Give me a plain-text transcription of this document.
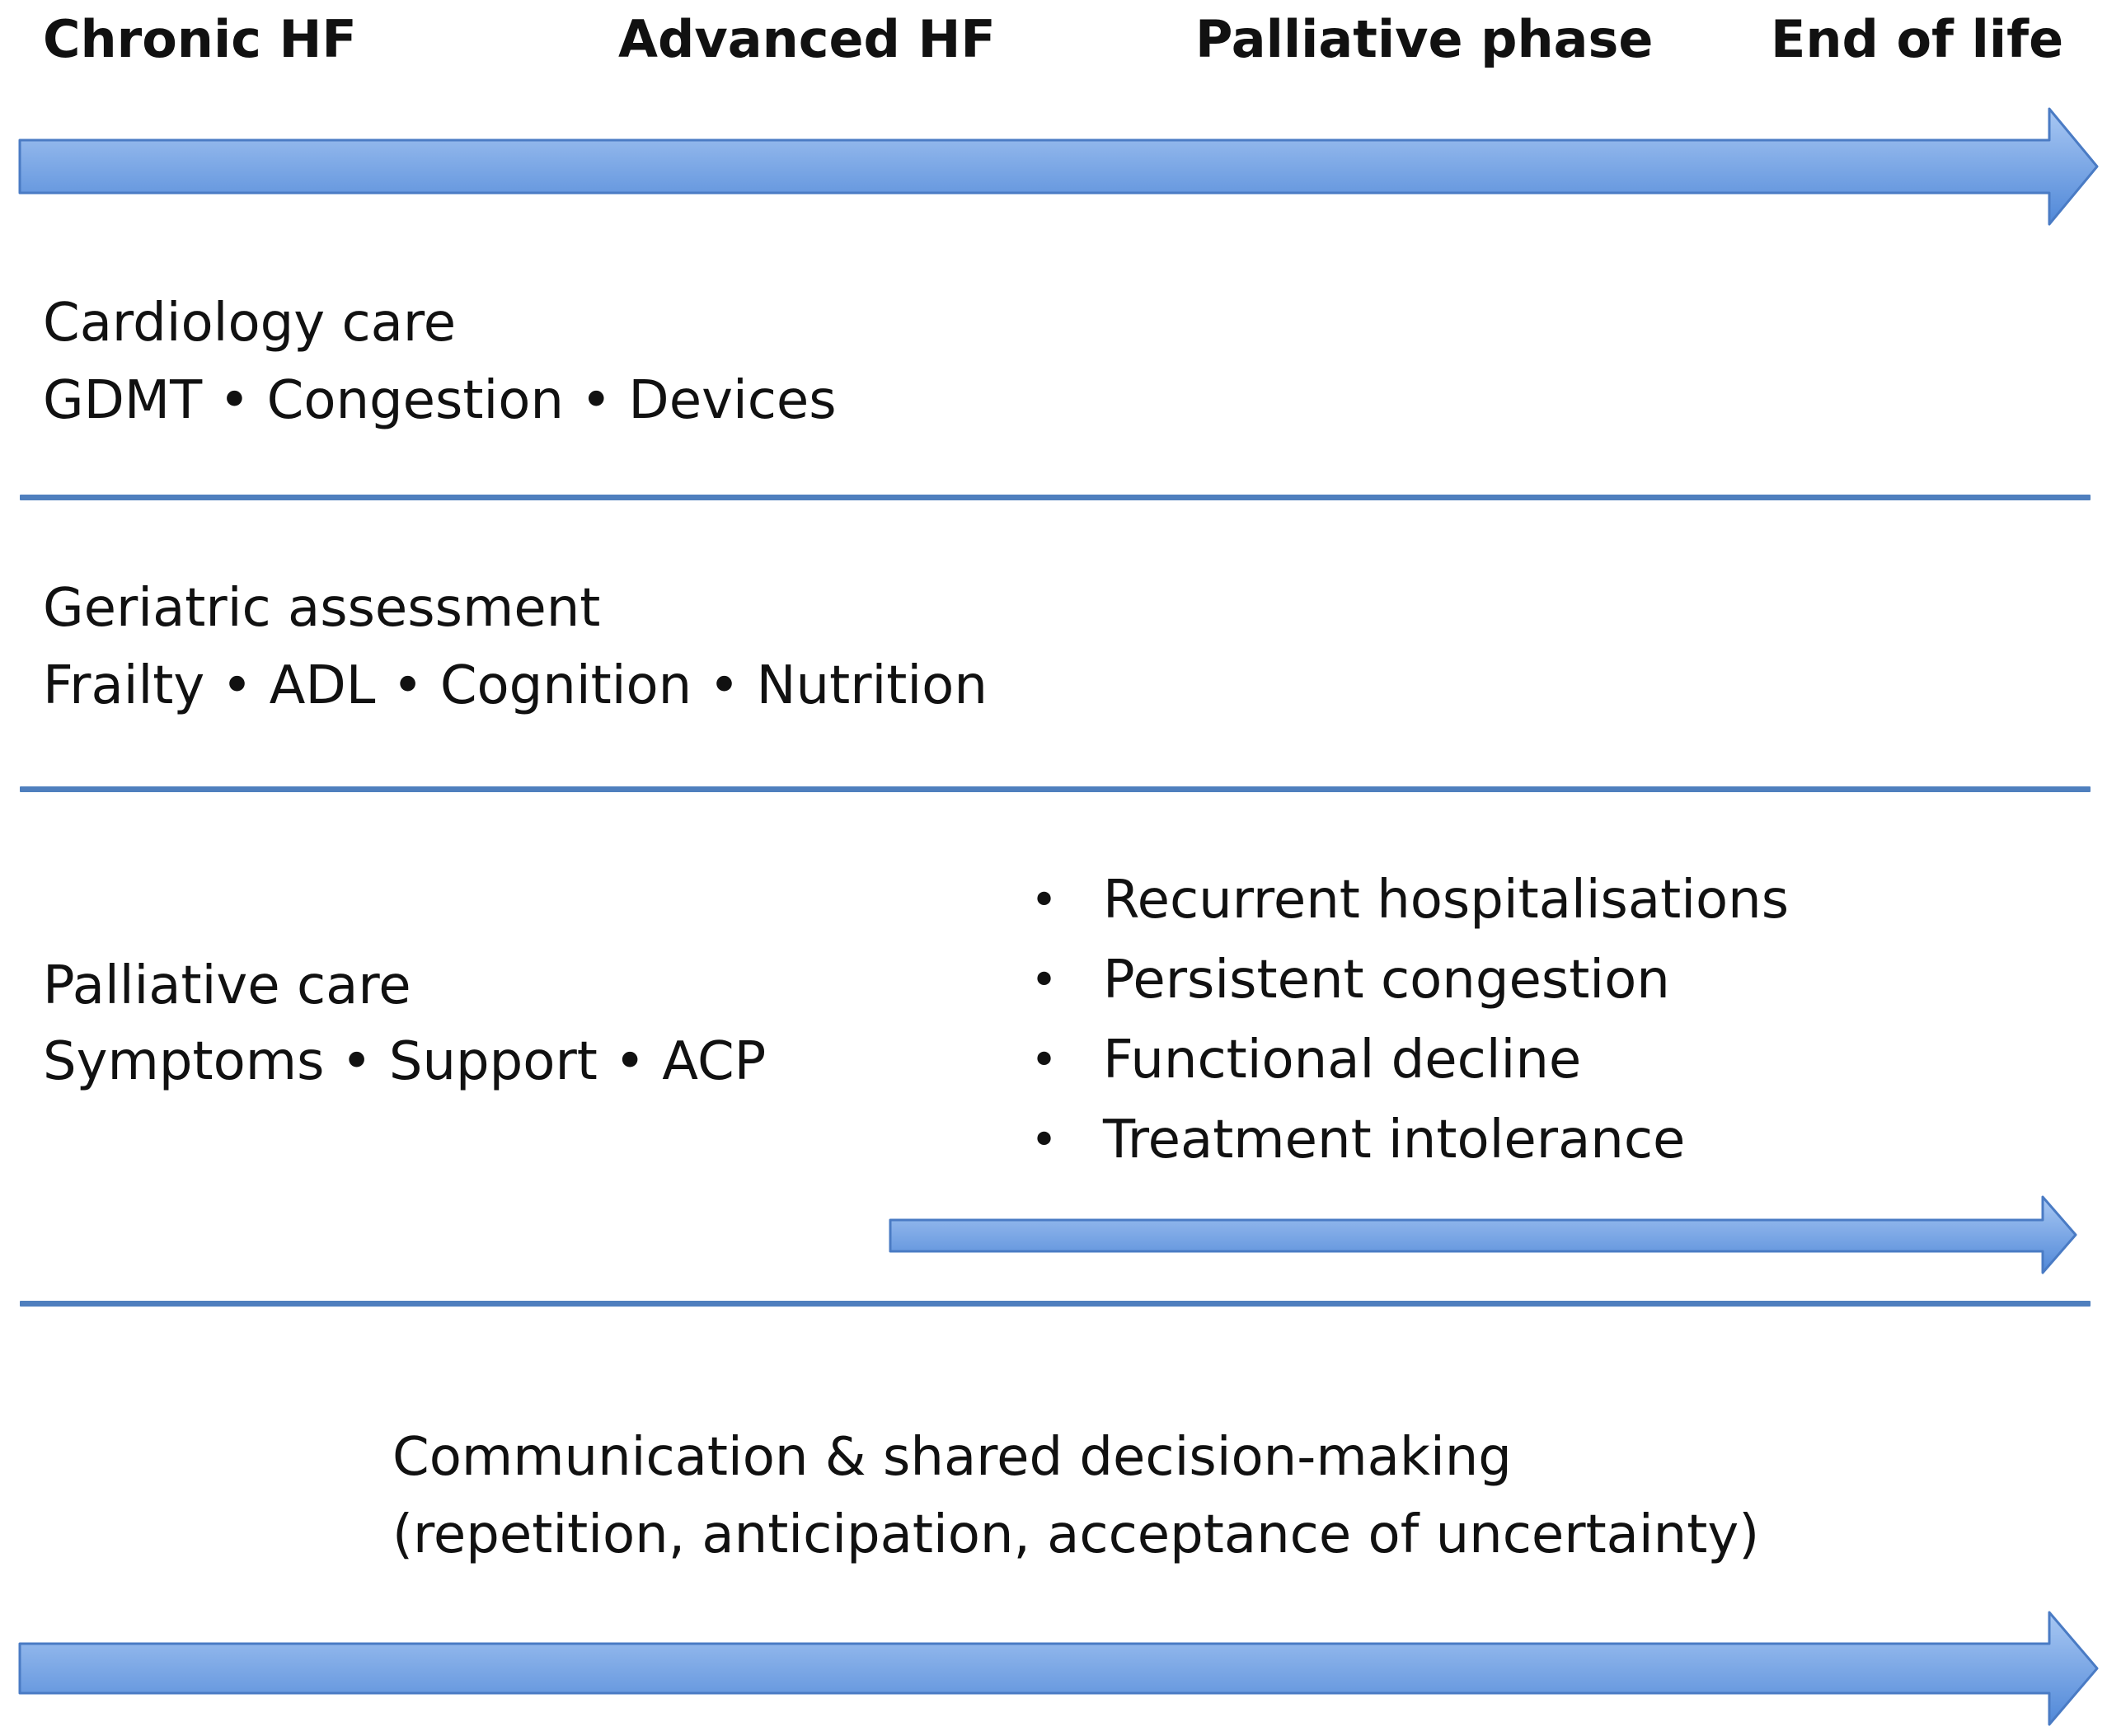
Chronic HF	Advanced HF	Palliative phase End of life
Cardiology care
GDMT • Congestion • Devices
Geriatric assessment
Frailty • ADL • Cognition • Nutrition
Palliative care
Symptoms • Support • ACP
• Recurrent hospitalisations
• Persistent congestion
• Functional decline
• Treatment intolerance
Communication & shared decision-making
(repetition, anticipation, acceptance of uncertainty)
